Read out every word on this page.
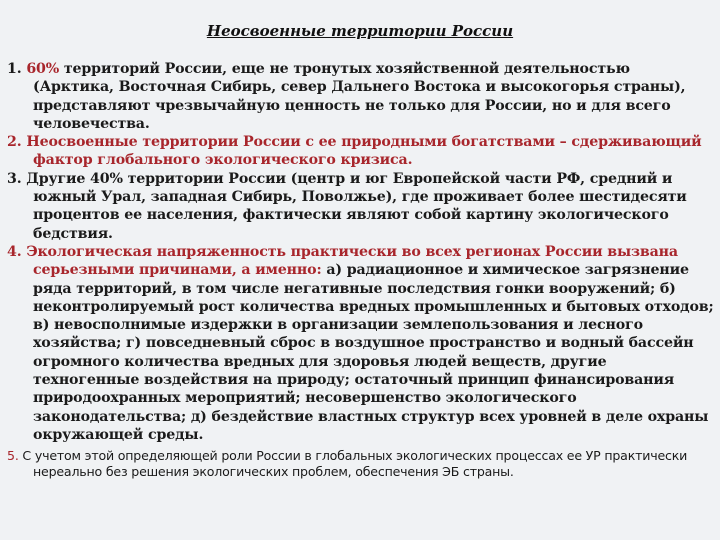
Неосвоенные территории России

1. 60% территорий России, еще не тронутых хозяйственной деятельностью (Арктика, Восточная Сибирь, север Дальнего Востока и высокогорья страны), представляют чрезвычайную ценность не только для России, но и для всего человечества.

2. Неосвоенные территории России с ее природными богатствами – сдерживающий фактор глобального экологического кризиса.

3. Другие 40% территории России (центр и юг Европейской части РФ, средний и южный Урал, западная Сибирь, Поволжье), где проживает более шестидесяти процентов ее населения, фактически являют собой картину экологического бедствия.

4. Экологическая напряженность практически во всех регионах России вызвана серьезными причинами, а именно: а) радиационное и химическое загрязнение ряда территорий, в том числе негативные последствия гонки вооружений; б) неконтролируемый рост количества вредных промышленных и бытовых отходов; в) невосполнимые издержки в организации землепользования и лесного хозяйства; г) повседневный сброс в воздушное пространство и водный бассейн огромного количества вредных для здоровья людей веществ, другие техногенные воздействия на природу; остаточный принцип финансирования природоохранных мероприятий; несовершенство экологического законодательства; д) бездействие властных структур всех уровней в деле охраны окружающей среды.

5. С учетом этой определяющей роли России в глобальных экологических процессах ее УР практически нереально без решения экологических проблем, обеспечения ЭБ страны.
